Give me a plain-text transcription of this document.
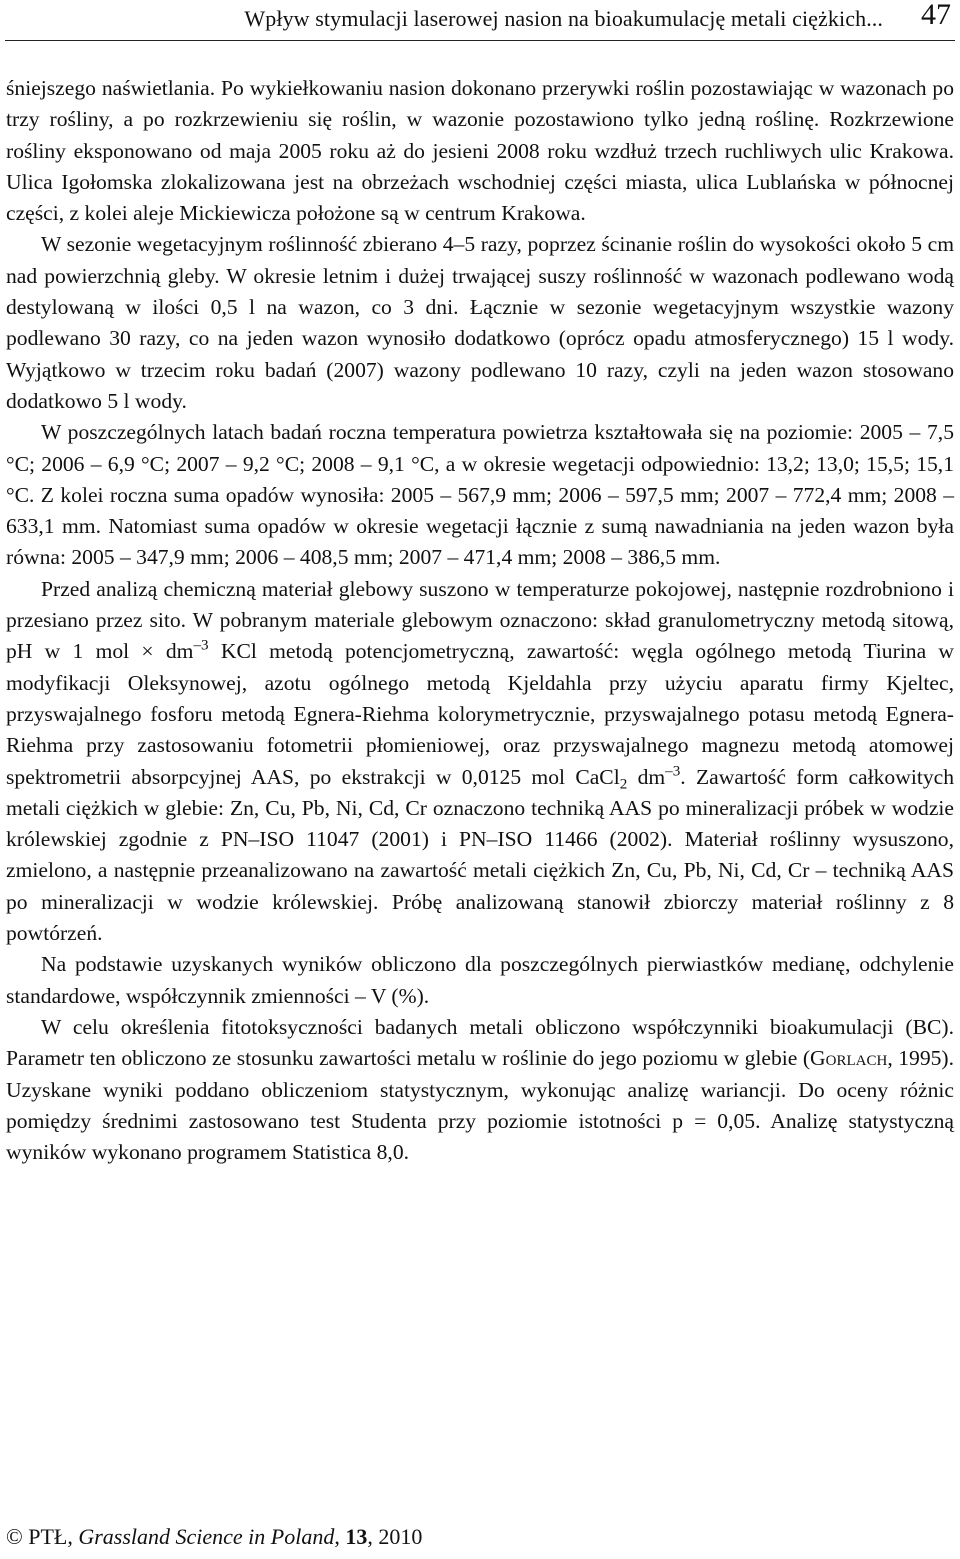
Wpływ stymulacji laserowej nasion na bioakumulację metali ciężkich... 47

śniejszego naświetlania. Po wykiełkowaniu nasion dokonano przerywki roślin pozostawiając w wazonach po trzy rośliny, a po rozkrzewieniu się roślin, w wazonie pozostawiono tylko jedną roślinę. Rozkrzewione rośliny eksponowano od maja 2005 roku aż do jesieni 2008 roku wzdłuż trzech ruchliwych ulic Krakowa. Ulica Igołomska zlokalizowana jest na obrzeżach wschodniej części miasta, ulica Lublańska w północnej części, z kolei aleje Mickiewicza położone są w centrum Krakowa.

W sezonie wegetacyjnym roślinność zbierano 4–5 razy, poprzez ścinanie roślin do wysokości około 5 cm nad powierzchnią gleby. W okresie letnim i dużej trwającej suszy roślinność w wazonach podlewano wodą destylowaną w ilości 0,5 l na wazon, co 3 dni. Łącznie w sezonie wegetacyjnym wszystkie wazony podlewano 30 razy, co na jeden wazon wynosiło dodatkowo (oprócz opadu atmosferycznego) 15 l wody. Wyjątkowo w trzecim roku badań (2007) wazony podlewano 10 razy, czyli na jeden wazon stosowano dodatkowo 5 l wody.

W poszczególnych latach badań roczna temperatura powietrza kształtowała się na poziomie: 2005 – 7,5 °C; 2006 – 6,9 °C; 2007 – 9,2 °C; 2008 – 9,1 °C, a w okresie wegetacji odpowiednio: 13,2; 13,0; 15,5; 15,1 °C. Z kolei roczna suma opadów wynosiła: 2005 – 567,9 mm; 2006 – 597,5 mm; 2007 – 772,4 mm; 2008 – 633,1 mm. Natomiast suma opadów w okresie wegetacji łącznie z sumą nawadniania na jeden wazon była równa: 2005 – 347,9 mm; 2006 – 408,5 mm; 2007 – 471,4 mm; 2008 – 386,5 mm.

Przed analizą chemiczną materiał glebowy suszono w temperaturze pokojowej, następnie rozdrobniono i przesiano przez sito. W pobranym materiale glebowym oznaczono: skład granulometryczny metodą sitową, pH w 1 mol × $dm^{-3}$ KCl metodą potencjometryczną, zawartość: węgla ogólnego metodą Tiurina w modyfikacji Oleksynowej, azotu ogólnego metodą Kjeldahla przy użyciu aparatu firmy Kjeltec, przyswajalnego fosforu metodą Egnera-Riehma kolorymetrycznie, przyswajalnego potasu metodą Egnera-Riehma przy zastosowaniu fotometrii płomieniowej, oraz przyswajalnego magnezu metodą atomowej spektrometrii absorpcyjnej AAS, po ekstrakcji w 0,0125 mol CaCl$_2$ $dm^{-3}$. Zawartość form całkowitych metali ciężkich w glebie: Zn, Cu, Pb, Ni, Cd, Cr oznaczono techniką AAS po mineralizacji próbek w wodzie królewskiej zgodnie z PN–ISO 11047 (2001) i PN–ISO 11466 (2002). Materiał roślinny wysuszono, zmielono, a następnie przeanalizowano na zawartość metali ciężkich Zn, Cu, Pb, Ni, Cd, Cr – techniką AAS po mineralizacji w wodzie królewskiej. Próbę analizowaną stanowił zbiorczy materiał roślinny z 8 powtórzeń.

Na podstawie uzyskanych wyników obliczono dla poszczególnych pierwiastków medianę, odchylenie standardowe, współczynnik zmienności – V (%).

W celu określenia fitotoksyczności badanych metali obliczono współczynniki bioakumulacji (BC). Parametr ten obliczono ze stosunku zawartości metalu w roślinie do jego poziomu w glebie (Gorlach, 1995). Uzyskane wyniki poddano obliczeniom statystycznym, wykonując analizę wariancji. Do oceny różnic pomiędzy średnimi zastosowano test Studenta przy poziomie istotności p = 0,05. Analizę statystyczną wyników wykonano programem Statistica 8,0.

© PTŁ, Grassland Science in Poland, 13, 2010
